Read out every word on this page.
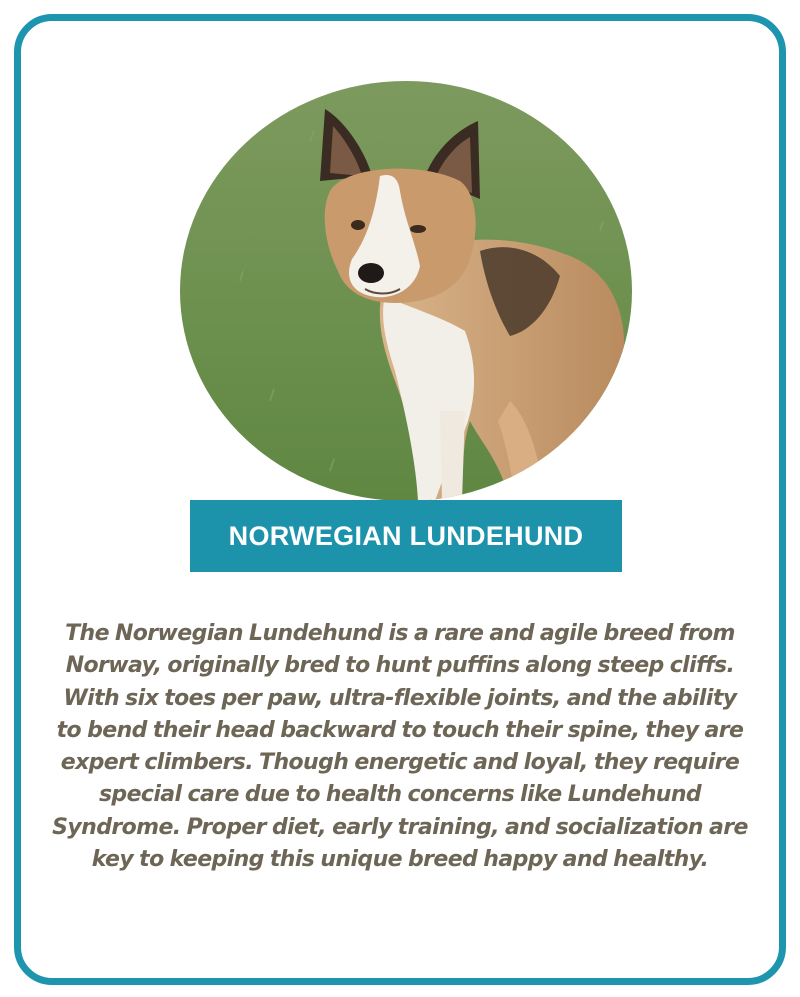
NORWEGIAN LUNDEHUND
The Norwegian Lundehund is a rare and agile breed from Norway, originally bred to hunt puffins along steep cliffs. With six toes per paw, ultra-flexible joints, and the ability to bend their head backward to touch their spine, they are expert climbers. Though energetic and loyal, they require special care due to health concerns like Lundehund Syndrome. Proper diet, early training, and socialization are key to keeping this unique breed happy and healthy.
